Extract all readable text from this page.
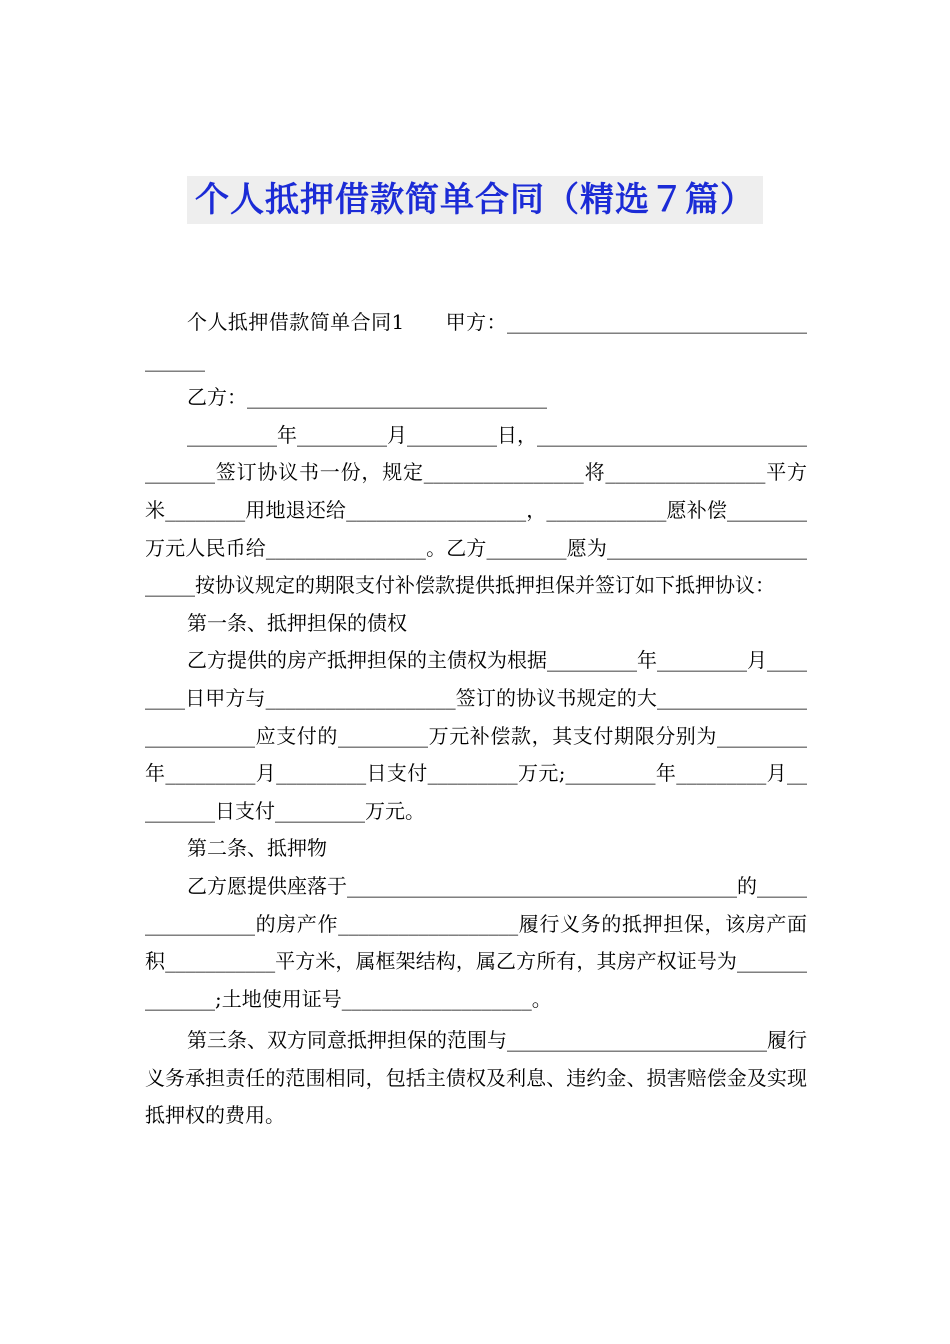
个人抵押借款简单合同（精选７篇）

个人抵押借款简单合同1　　甲方：____________________________________

乙方：______________________________

_________年_________月_________日，__________________________________签订协议书一份，规定________________将________________平方米________用地退还给__________________，____________愿补偿________万元人民币给________________。乙方________愿为_________________________按协议规定的期限支付补偿款提供抵押担保并签订如下抵押协议：

第一条、抵押担保的债权

乙方提供的房产抵押担保的主债权为根据_________年_________月________日甲方与___________________签订的协议书规定的大__________________________应支付的_________万元补偿款，其支付期限分别为_________年_________月_________日支付_________万元;_________年_________月_________日支付_________万元。

第二条、抵押物

乙方愿提供座落于_______________________________________的________________的房产作__________________履行义务的抵押担保，该房产面积___________平方米，属框架结构，属乙方所有，其房产权证号为______________;土地使用证号___________________。

第三条、双方同意抵押担保的范围与__________________________履行义务承担责任的范围相同，包括主债权及利息、违约金、损害赔偿金及实现抵押权的费用。
